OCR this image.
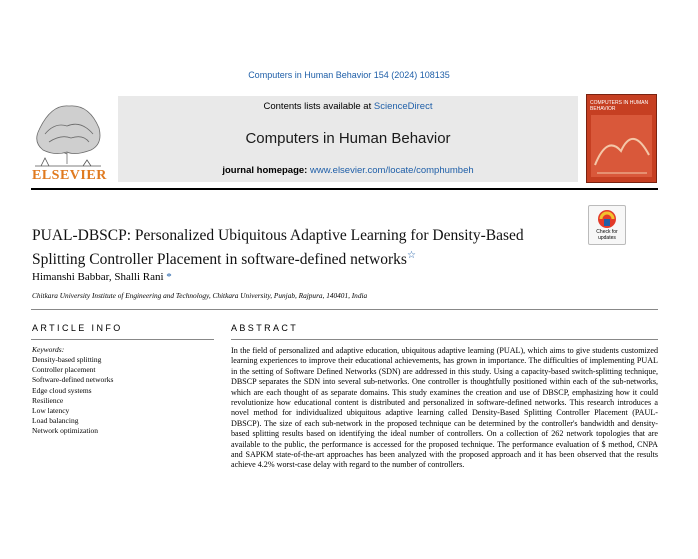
Computers in Human Behavior 154 (2024) 108135
ELSEVIER
Contents lists available at ScienceDirect
Computers in Human Behavior
journal homepage: www.elsevier.com/locate/comphumbeh
COMPUTERS IN HUMAN BEHAVIOR
PUAL-DBSCP: Personalized Ubiquitous Adaptive Learning for Density-Based Splitting Controller Placement in software-defined networks☆
Check for
updates
Himanshi Babbar, Shalli Rani *
Chitkara University Institute of Engineering and Technology, Chitkara University, Punjab, Rajpura, 140401, India
ARTICLE INFO	ABSTRACT
Keywords:
Density-based splitting
Controller placement
Software-defined networks
Edge cloud systems
Resilience
Low latency
Load balancing
Network optimization
In the field of personalized and adaptive education, ubiquitous adaptive learning (PUAL), which aims to give students customized learning experiences to improve their educational achievements, has grown in importance. The difficulties of implementing PUAL in the setting of Software Defined Networks (SDN) are addressed in this study. Using a capacity-based switch-splitting technique, DBSCP separates the SDN into several sub-networks. One controller is thoughtfully positioned within each of the sub-networks, which are each thought of as separate domains. This study examines the creation and use of DBSCP, emphasizing how it could revolutionize how educational content is distributed and personalized in software-defined networks. This research introduces a novel method for individualized ubiquitous adaptive learning called Density-Based Splitting Controller Placement (PAUL-DBSCP). The size of each sub-network in the proposed technique can be determined by the controller's bandwidth and density-based splitting results based on identifying the ideal number of controllers. On a collection of 262 network topologies that are available to the public, the performance is accessed for the proposed technique. The performance evaluation of $ method, CNPA and SAPKM state-of-the-art approaches has been analyzed with the proposed approach and it has been observed that the results achieve 4.2% worst-case delay with regard to the number of controllers.
